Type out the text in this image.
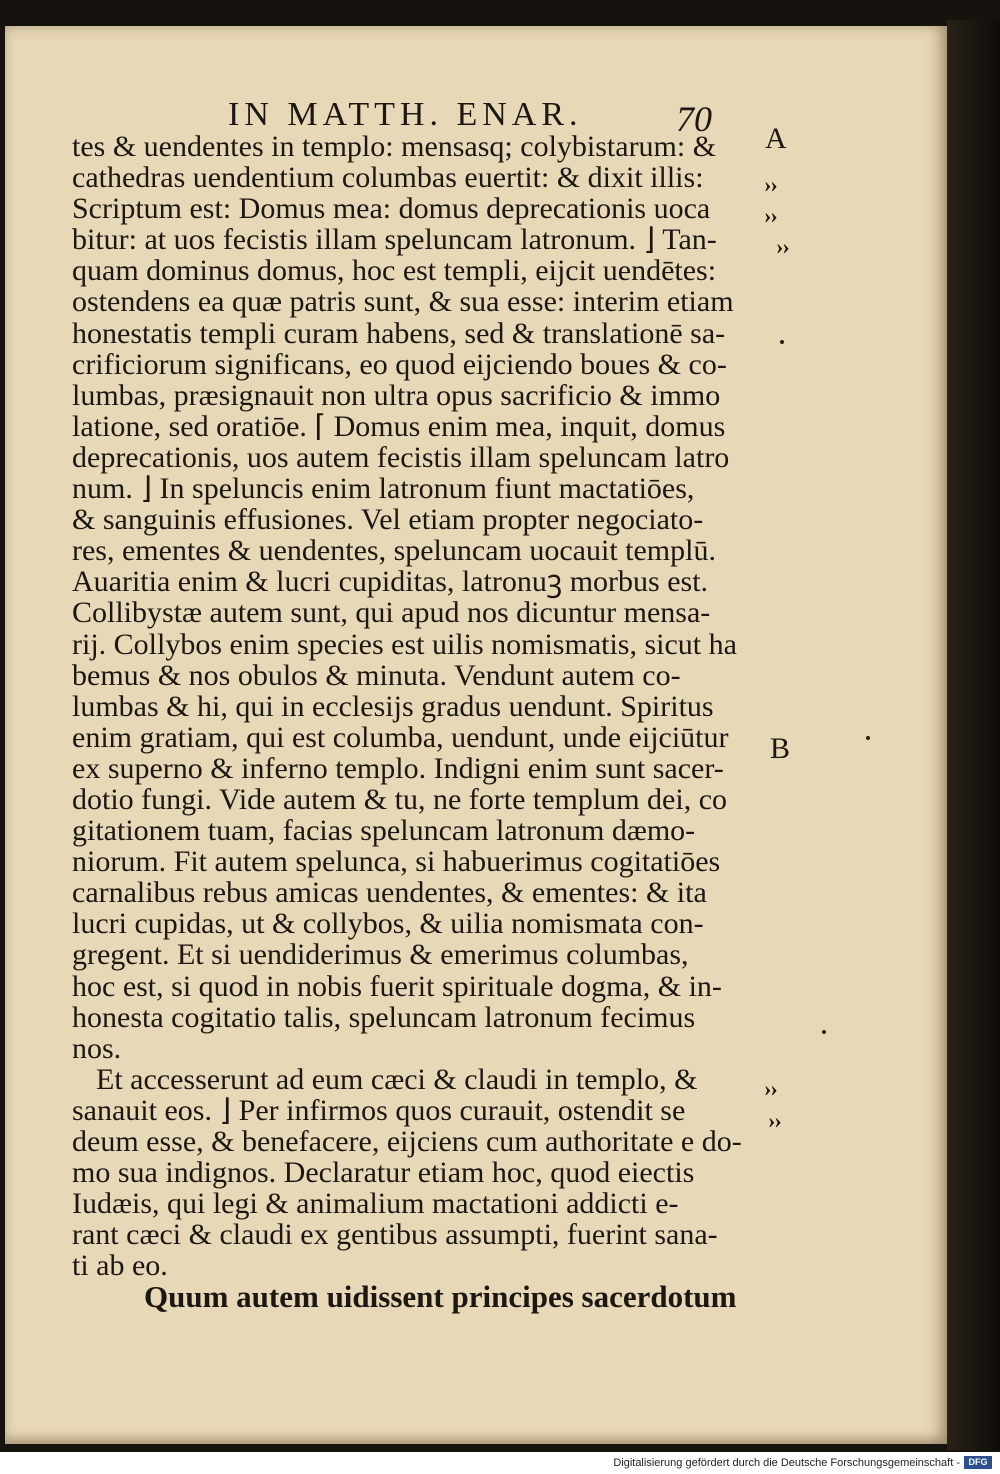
IN MATTH. ENAR.	70 A
B
››
››
››
››
››
tes & uendentes in templo: mensasq; colybistarum: &
cathedras uendentium columbas euertit: & dixit illis:
Scriptum est: Domus mea: domus deprecationis uoca
bitur: at uos fecistis illam speluncam latronum. ⌋ Tan-
quam dominus domus, hoc est templi, eijcit uendētes:
ostendens ea quæ patris sunt, & sua esse: interim etiam
honestatis templi curam habens, sed & translationē sa-
crificiorum significans, eo quod eijciendo boues & co-
lumbas, præsignauit non ultra opus sacrificio & immo
latione, sed oratiōe. ⌈ Domus enim mea, inquit, domus
deprecationis, uos autem fecistis illam speluncam latro
num. ⌋ In speluncis enim latronum fiunt mactatiōes,
& sanguinis effusiones. Vel etiam propter negociato-
res, ementes & uendentes, speluncam uocauit templū.
Auaritia enim & lucri cupiditas, latronuꝫ morbus est.
Collibystæ autem sunt, qui apud nos dicuntur mensa-
rij. Collybos enim species est uilis nomismatis, sicut ha
bemus & nos obulos & minuta. Vendunt autem co-
lumbas & hi, qui in ecclesijs gradus uendunt. Spiritus
enim gratiam, qui est columba, uendunt, unde eijciūtur
ex superno & inferno templo. Indigni enim sunt sacer-
dotio fungi. Vide autem & tu, ne forte templum dei, co
gitationem tuam, facias speluncam latronum dæmo-
niorum. Fit autem spelunca, si habuerimus cogitatiōes
carnalibus rebus amicas uendentes, & ementes: & ita
lucri cupidas, ut & collybos, & uilia nomismata con-
gregent. Et si uendiderimus & emerimus columbas,
hoc est, si quod in nobis fuerit spirituale dogma, & in-
honesta cogitatio talis, speluncam latronum fecimus
nos.
Et accesserunt ad eum cæci & claudi in templo, &
sanauit eos. ⌋ Per infirmos quos curauit, ostendit se
deum esse, & benefacere, eijciens cum authoritate e do-
mo sua indignos. Declaratur etiam hoc, quod eiectis
Iudæis, qui legi & animalium mactationi addicti e-
rant cæci & claudi ex gentibus assumpti, fuerint sana-
ti ab eo.
Quum autem uidissent principes sacerdotum
Digitalisierung gefördert durch die Deutsche Forschungsgemeinschaft - DFG
